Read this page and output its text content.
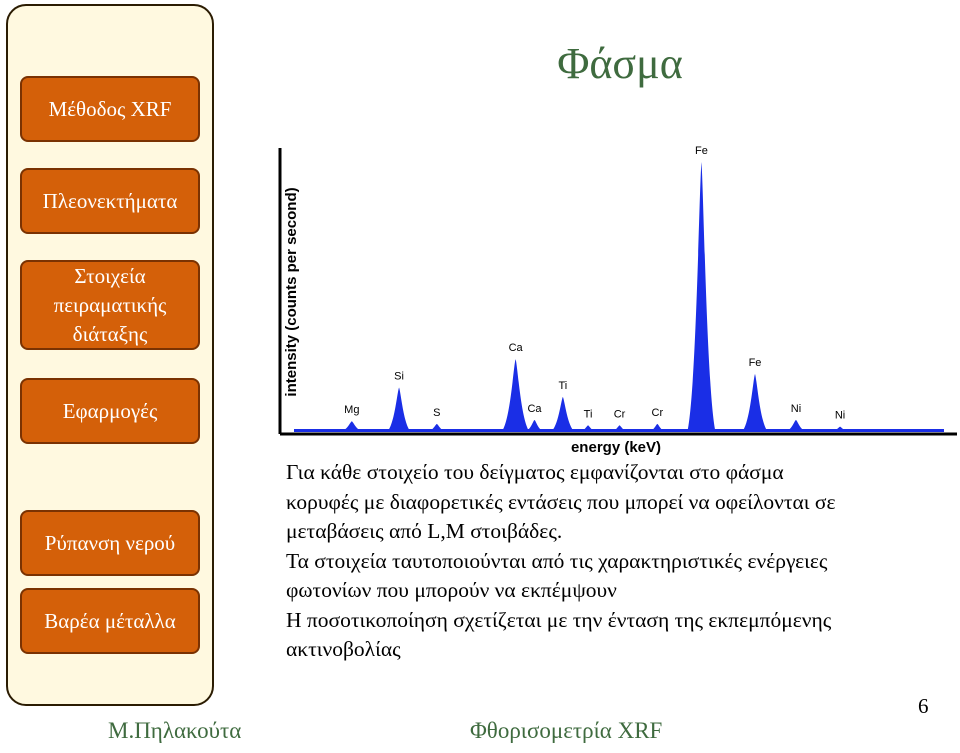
Μέθοδος XRF
Πλεονεκτήματα
Στοιχεία πειραματικής διάταξης
Εφαρμογές
Ρύπανση νερού
Βαρέα μέταλλα
Φάσμα
intensity (counts per second)
energy (keV)
Mg
Si
S
Ca
Ca
Ti
Ti Cr Cr
Fe
Fe
Ni
Ni
Για κάθε στοιχείο του δείγματος εμφανίζονται στο φάσμα
κορυφές με διαφορετικές εντάσεις που μπορεί να οφείλονται σε
μεταβάσεις από L,M στοιβάδες.
Τα στοιχεία ταυτοποιούνται από τις χαρακτηριστικές ενέργειες
φωτονίων που μπορούν να εκπέμψουν
Η ποσοτικοποίηση σχετίζεται με την ένταση της εκπεμπόμενης
ακτινοβολίας
Μ.Πηλακούτα	Φθορισομετρία XRF
6
